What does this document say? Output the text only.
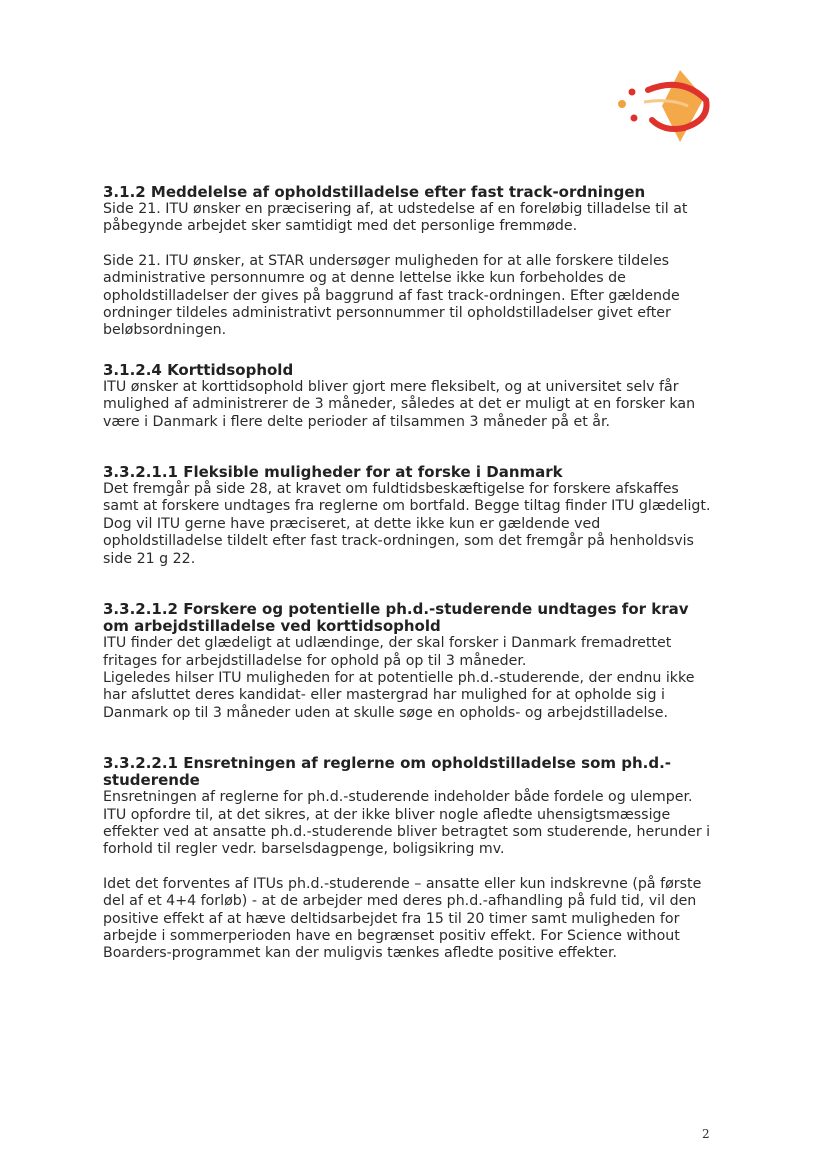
3.1.2 Meddelelse af opholdstilladelse efter fast track-ordningen

Side 21. ITU ønsker en præcisering af, at udstedelse af en foreløbig tilladelse til at påbegynde arbejdet sker samtidigt med det personlige fremmøde.

Side 21. ITU ønsker, at STAR undersøger muligheden for at alle forskere tildeles administrative personnumre og at denne lettelse ikke kun forbeholdes de opholdstilladelser der gives på baggrund af fast track-ordningen. Efter gældende ordninger tildeles administrativt personnummer til opholdstilladelser givet efter beløbsordningen.

3.1.2.4 Korttidsophold

ITU ønsker at korttidsophold bliver gjort mere fleksibelt, og at universitet selv får mulighed af administrerer de 3 måneder, således at det er muligt at en forsker kan være i Danmark i flere delte perioder af tilsammen 3 måneder på et år.

3.3.2.1.1 Fleksible muligheder for at forske i Danmark

Det fremgår på side 28, at kravet om fuldtidsbeskæftigelse for forskere afskaffes samt at forskere undtages fra reglerne om bortfald. Begge tiltag finder ITU glædeligt. Dog vil ITU gerne have præciseret, at dette ikke kun er gældende ved opholdstilladelse tildelt efter fast track-ordningen, som det fremgår på henholdsvis side 21 g 22.

3.3.2.1.2 Forskere og potentielle ph.d.-studerende undtages for krav om arbejdstilladelse ved korttidsophold

ITU finder det glædeligt at udlændinge, der skal forsker i Danmark fremadrettet fritages for arbejdstilladelse for ophold på op til 3 måneder.

Ligeledes hilser ITU muligheden for at potentielle ph.d.-studerende, der endnu ikke har afsluttet deres kandidat- eller mastergrad har mulighed for at opholde sig i Danmark op til 3 måneder uden at skulle søge en opholds- og arbejdstilladelse.

3.3.2.2.1 Ensretningen af reglerne om opholdstilladelse som ph.d.-studerende

Ensretningen af reglerne for ph.d.-studerende indeholder både fordele og ulemper.

ITU opfordre til, at det sikres, at der ikke bliver nogle afledte uhensigtsmæssige effekter ved at ansatte ph.d.-studerende bliver betragtet som studerende, herunder i forhold til regler vedr. barselsdagpenge, boligsikring mv.

Idet det forventes af ITUs ph.d.-studerende – ansatte eller kun indskrevne (på første del af et 4+4 forløb) - at de arbejder med deres ph.d.-afhandling på fuld tid, vil den positive effekt af at hæve deltidsarbejdet fra 15 til 20 timer samt muligheden for arbejde i sommerperioden have en begrænset positiv effekt. For Science without Boarders-programmet kan der muligvis tænkes afledte positive effekter.

2
